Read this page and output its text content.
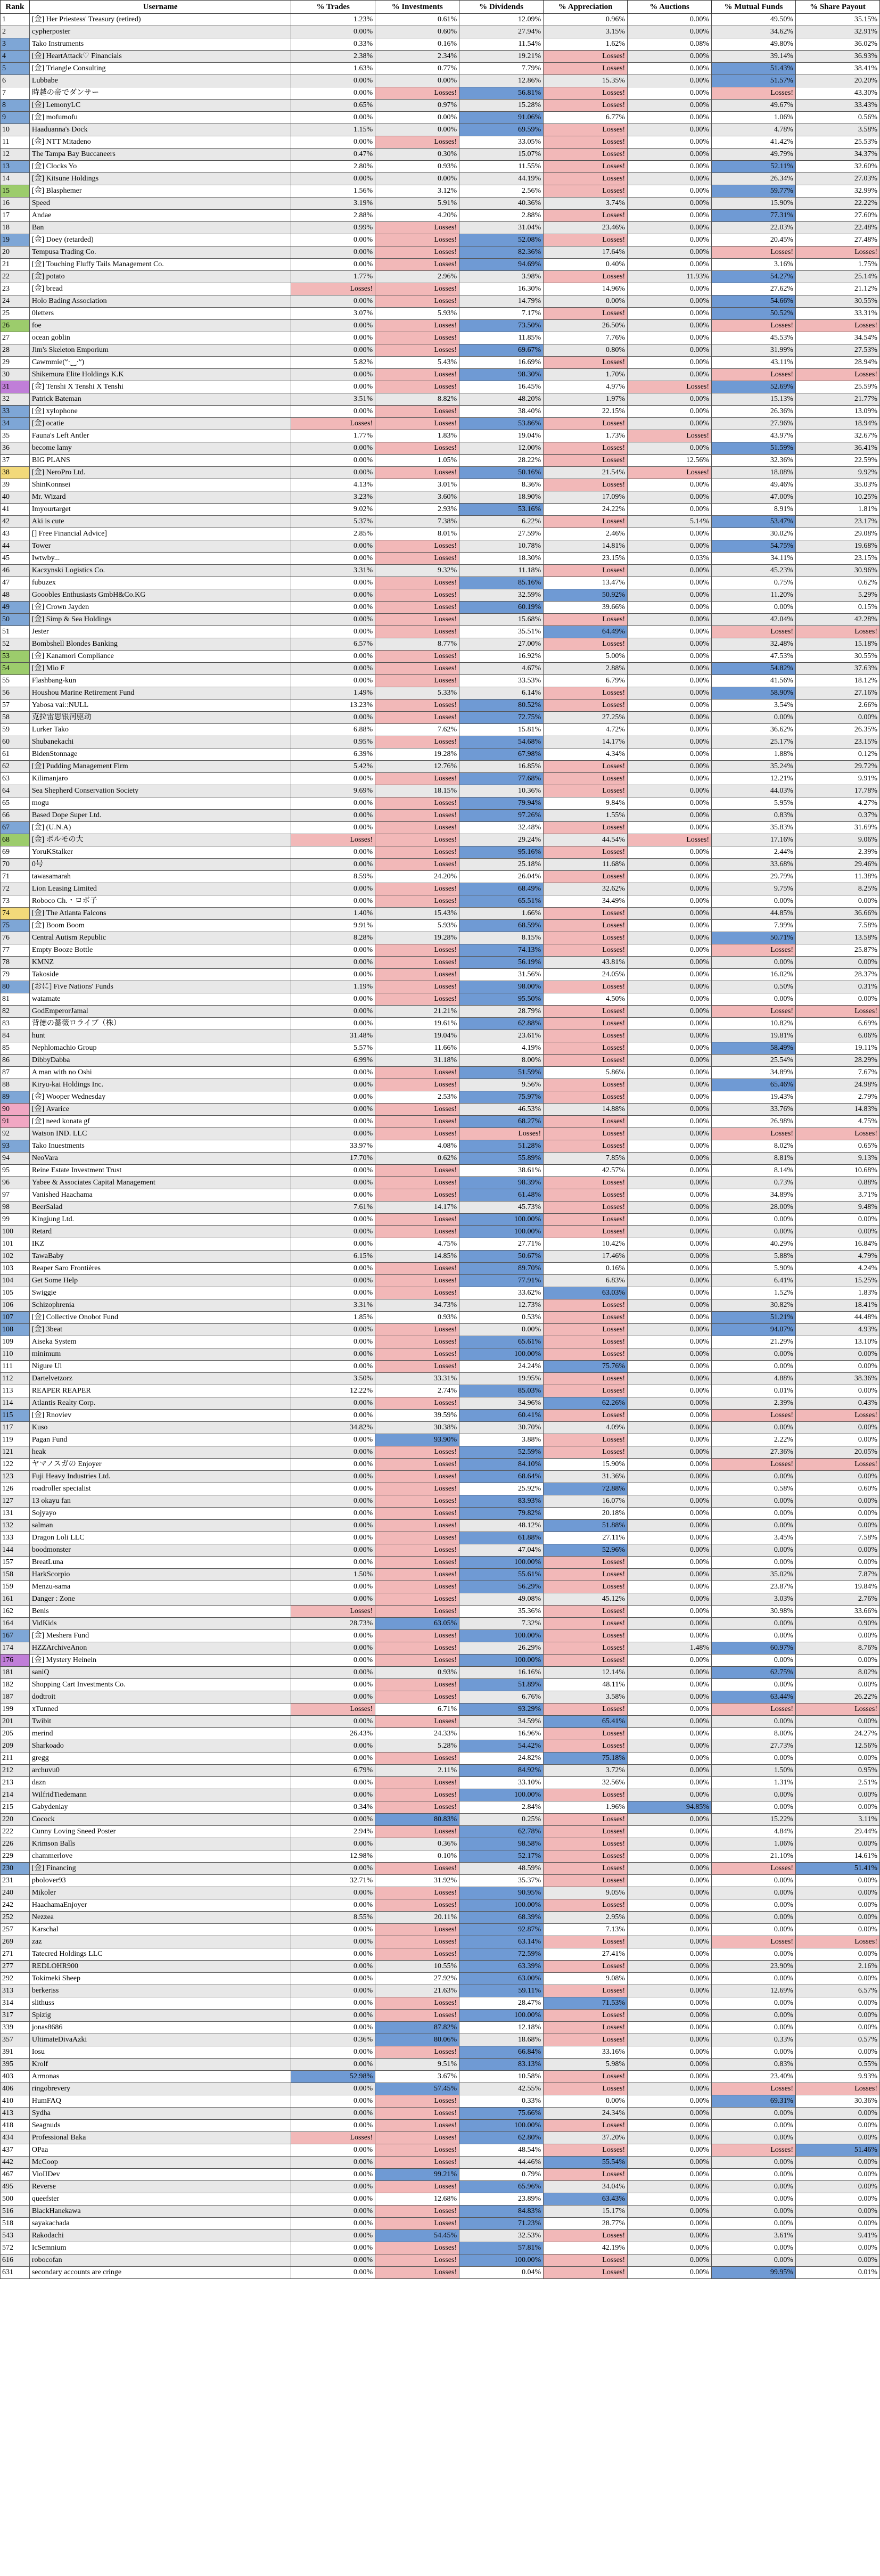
Rank	Username	% Trades	% Investments	% Dividends	% Appreciation	% Auctions	% Mutual Funds	% Share Payout
1	[金] Her Priestess' Treasury (retired)	1.23%	0.61%	12.09%	0.96%	0.00%	49.50%	35.15%
2	cypherposter	0.00%	0.60%	27.94%	3.15%	0.00%	34.62%	32.91%
3	Tako Instruments	0.33%	0.16%	11.54%	1.62%	0.08%	49.80%	36.02%
4	[金] HeartAttack♡ Financials	2.38%	2.34%	19.21%	Losses!	0.00%	39.14%	36.93%
5	[金] Triangle Consulting	1.63%	0.77%	7.79%	Losses!	0.00%	51.43%	38.41%
6	Lubbabe	0.00%	0.00%	12.86%	15.35%	0.00%	51.57%	20.20%
7	時越の帝でダンサー	0.00%	Losses!	56.81%	Losses!	0.00%	Losses!	43.30%
8	[金] LemonyLC	0.65%	0.97%	15.28%	Losses!	0.00%	49.67%	33.43%
9	[金] mofumofu	0.00%	0.00%	91.06%	6.77%	0.00%	1.06%	0.56%
10	Haaduanna's Dock	1.15%	0.00%	69.59%	Losses!	0.00%	4.78%	3.58%
11	[金] NTT Mitadeno	0.00%	Losses!	33.05%	Losses!	0.00%	41.42%	25.53%
12	The Tampa Bay Buccaneers	0.47%	0.30%	15.07%	Losses!	0.00%	49.79%	34.37%
13	[金] Clocks Yo	2.80%	0.93%	11.55%	Losses!	0.00%	52.11%	32.60%
14	[金] Kitsune Holdings	0.00%	0.00%	44.19%	Losses!	0.00%	26.34%	27.03%
15	[金] Blasphemer	1.56%	3.12%	2.56%	Losses!	0.00%	59.77%	32.99%
16	Speed	3.19%	5.91%	40.36%	3.74%	0.00%	15.90%	22.22%
17	Andae	2.88%	4.20%	2.88%	Losses!	0.00%	77.31%	27.60%
18	Ban	0.99%	Losses!	31.04%	23.46%	0.00%	22.03%	22.48%
19	[金] Doey (retarded)	0.00%	Losses!	52.08%	Losses!	0.00%	20.45%	27.48%
20	Tempusa Trading Co.	0.00%	Losses!	82.36%	17.64%	0.00%	Losses!	Losses!
21	[金] Touching Fluffy Tails Management Co.	0.00%	Losses!	94.69%	0.40%	0.00%	3.16%	1.75%
22	[金] potato	1.77%	2.96%	3.98%	Losses!	11.93%	54.27%	25.14%
23	[金] bread	Losses!	Losses!	16.30%	14.96%	0.00%	27.62%	21.12%
24	Holo Bading Association	0.00%	Losses!	14.79%	0.00%	0.00%	54.66%	30.55%
25	0letters	3.07%	5.93%	7.17%	Losses!	0.00%	50.52%	33.31%
26	foe	0.00%	Losses!	73.50%	26.50%	0.00%	Losses!	Losses!
27	ocean goblin	0.00%	Losses!	11.85%	7.76%	0.00%	45.53%	34.54%
28	Jim's Skeleton Emporium	0.00%	Losses!	69.67%	0.80%	0.00%	31.99%	27.53%
29	Cawmmie(ᐡ·‿·ᐡ)	5.82%	5.43%	16.69%	Losses!	0.00%	43.11%	28.94%
30	Shikemura Elite Holdings K.K	0.00%	Losses!	98.30%	1.70%	0.00%	Losses!	Losses!
31	[金] Tenshi X Tenshi X Tenshi	0.00%	Losses!	16.45%	4.97%	Losses!	52.69%	25.59%
32	Patrick Bateman	3.51%	8.82%	48.20%	1.97%	0.00%	15.13%	21.77%
33	[金] xylophone	0.00%	Losses!	38.40%	22.15%	0.00%	26.36%	13.09%
34	[金] ocatie	Losses!	Losses!	53.86%	Losses!	0.00%	27.96%	18.94%
35	Fauna's Left Antler	1.77%	1.83%	19.04%	1.73%	Losses!	43.97%	32.67%
36	become lamy	0.00%	Losses!	12.00%	Losses!	0.00%	51.59%	36.41%
37	BIG PLANS	0.00%	1.05%	28.22%	Losses!	12.56%	32.36%	22.59%
38	[金] NeroPro Ltd.	0.00%	Losses!	50.16%	21.54%	Losses!	18.08%	9.92%
39	ShinKonnsei	4.13%	3.01%	8.36%	Losses!	0.00%	49.46%	35.03%
40	Mr. Wizard	3.23%	3.60%	18.90%	17.09%	0.00%	47.00%	10.25%
41	Imyourtarget	9.02%	2.93%	53.16%	24.22%	0.00%	8.91%	1.81%
42	Aki is cute	5.37%	7.38%	6.22%	Losses!	5.14%	53.47%	23.17%
43	[] Free Financial Advice]	2.85%	8.01%	27.59%	2.46%	0.00%	30.02%	29.08%
44	Tower	0.00%	Losses!	10.78%	14.81%	0.00%	54.75%	19.68%
45	Iwtwby...	0.00%	Losses!	18.30%	23.15%	0.03%	34.11%	23.15%
46	Kaczynski Logistics Co.	3.31%	9.32%	11.18%	Losses!	0.00%	45.23%	30.96%
47	fubuzex	0.00%	Losses!	85.16%	13.47%	0.00%	0.75%	0.62%
48	Gooobles Enthusiasts GmbH&Co.KG	0.00%	Losses!	32.59%	50.92%	0.00%	11.20%	5.29%
49	[金] Crown Jayden	0.00%	Losses!	60.19%	39.66%	0.00%	0.00%	0.15%
50	[金] Simp & Sea Holdings	0.00%	Losses!	15.68%	Losses!	0.00%	42.04%	42.28%
51	Jester	0.00%	Losses!	35.51%	64.49%	0.00%	Losses!	Losses!
52	Bombshell Blondes Banking	6.57%	8.77%	27.00%	Losses!	0.00%	32.48%	15.18%
53	[金] Kanamori Compliance	0.00%	Losses!	16.92%	5.00%	0.00%	47.53%	30.55%
54	[金] Mio F	0.00%	Losses!	4.67%	2.88%	0.00%	54.82%	37.63%
55	Flashbang-kun	0.00%	Losses!	33.53%	6.79%	0.00%	41.56%	18.12%
56	Houshou Marine Retirement Fund	1.49%	5.33%	6.14%	Losses!	0.00%	58.90%	27.16%
57	Yabosa vai::NULL	13.23%	Losses!	80.52%	Losses!	0.00%	3.54%	2.66%
58	克拉雷思银河驱动	0.00%	Losses!	72.75%	27.25%	0.00%	0.00%	0.00%
59	Lurker Tako	6.88%	7.62%	15.81%	4.72%	0.00%	36.62%	26.35%
60	Shubanekachi	0.95%	Losses!	54.68%	14.17%	0.00%	25.17%	23.15%
61	BidenStonnage	6.39%	19.28%	67.98%	4.34%	0.00%	1.88%	0.12%
62	[金] Pudding Management Firm	5.42%	12.76%	16.85%	Losses!	0.00%	35.24%	29.72%
63	Kilimanjaro	0.00%	Losses!	77.68%	Losses!	0.00%	12.21%	9.91%
64	Sea Shepherd Conservation Society	9.69%	18.15%	10.36%	Losses!	0.00%	44.03%	17.78%
65	mogu	0.00%	Losses!	79.94%	9.84%	0.00%	5.95%	4.27%
66	Based Dope Super Ltd.	0.00%	Losses!	97.26%	1.55%	0.00%	0.83%	0.37%
67	[金] (U.N.A)	0.00%	Losses!	32.48%	Losses!	0.00%	35.83%	31.69%
68	[金] ボルモの大	Losses!	Losses!	29.24%	44.54%	Losses!	17.16%	9.06%
69	YoruKStalker	0.00%	Losses!	95.16%	Losses!	0.00%	2.44%	2.39%
70	0号	0.00%	Losses!	25.18%	11.68%	0.00%	33.68%	29.46%
71	tawasamarah	8.59%	24.20%	26.04%	Losses!	0.00%	29.79%	11.38%
72	Lion Leasing Limited	0.00%	Losses!	68.49%	32.62%	0.00%	9.75%	8.25%
73	Roboco Ch.・ロボ子	0.00%	Losses!	65.51%	34.49%	0.00%	0.00%	0.00%
74	[金] The Atlanta Falcons	1.40%	15.43%	1.66%	Losses!	0.00%	44.85%	36.66%
75	[金] Boom Boom	9.91%	5.93%	68.59%	Losses!	0.00%	7.99%	7.58%
76	Central Autism Republic	8.28%	19.28%	8.15%	Losses!	0.00%	50.71%	13.58%
77	Empty Booze Bottle	0.00%	Losses!	74.13%	Losses!	0.00%	Losses!	25.87%
78	KMNZ	0.00%	Losses!	56.19%	43.81%	0.00%	0.00%	0.00%
79	Takoside	0.00%	Losses!	31.56%	24.05%	0.00%	16.02%	28.37%
80	[おに] Five Nations' Funds	1.19%	Losses!	98.00%	Losses!	0.00%	0.50%	0.31%
81	watamate	0.00%	Losses!	95.50%	4.50%	0.00%	0.00%	0.00%
82	GodEmperorJamal	0.00%	21.21%	28.79%	Losses!	0.00%	Losses!	Losses!
83	背徳の薔薇ロライブ（株）	0.00%	19.61%	62.88%	Losses!	0.00%	10.82%	6.69%
84	hunt	31.48%	19.04%	23.61%	Losses!	0.00%	19.81%	6.06%
85	Nephlomachio Group	5.57%	11.66%	4.19%	Losses!	0.00%	58.49%	19.11%
86	DibbyDabba	6.99%	31.18%	8.00%	Losses!	0.00%	25.54%	28.29%
87	A man with no Oshi	0.00%	Losses!	51.59%	5.86%	0.00%	34.89%	7.67%
88	Kiryu-kai Holdings Inc.	0.00%	Losses!	9.56%	Losses!	0.00%	65.46%	24.98%
89	[金] Wooper Wednesday	0.00%	2.53%	75.97%	Losses!	0.00%	19.43%	2.79%
90	[金] Avarice	0.00%	Losses!	46.53%	14.88%	0.00%	33.76%	14.83%
91	[金] need konata gf	0.00%	Losses!	68.27%	Losses!	0.00%	26.98%	4.75%
92	Watson IND. LLC	0.00%	Losses!	Losses!	Losses!	0.00%	Losses!	Losses!
93	Tako Inuestments	33.97%	4.08%	51.28%	Losses!	0.00%	8.02%	0.65%
94	NeoVara	17.70%	0.62%	55.89%	7.85%	0.00%	8.81%	9.13%
95	Reine Estate Investment Trust	0.00%	Losses!	38.61%	42.57%	0.00%	8.14%	10.68%
96	Yabee & Associates Capital Management	0.00%	Losses!	98.39%	Losses!	0.00%	0.73%	0.88%
97	Vanished Haachama	0.00%	Losses!	61.48%	Losses!	0.00%	34.89%	3.71%
98	BeerSalad	7.61%	14.17%	45.73%	Losses!	0.00%	28.00%	9.48%
99	Kingjung Ltd.	0.00%	Losses!	100.00%	Losses!	0.00%	0.00%	0.00%
100	Retard	0.00%	Losses!	100.00%	Losses!	0.00%	0.00%	0.00%
101	IKZ	0.00%	4.75%	27.71%	10.42%	0.00%	40.29%	16.84%
102	TawaBaby	6.15%	14.85%	50.67%	17.46%	0.00%	5.88%	4.79%
103	Reaper Saro Frontières	0.00%	Losses!	89.70%	0.16%	0.00%	5.90%	4.24%
104	Get Some Help	0.00%	Losses!	77.91%	6.83%	0.00%	6.41%	15.25%
105	Swiggie	0.00%	Losses!	33.62%	63.03%	0.00%	1.52%	1.83%
106	Schizophrenia	3.31%	34.73%	12.73%	Losses!	0.00%	30.82%	18.41%
107	[金] Collective Onobot Fund	1.85%	0.93%	0.53%	Losses!	0.00%	51.21%	44.48%
108	[金] 3beat	0.00%	Losses!	0.00%	Losses!	0.00%	94.07%	4.93%
109	Aiseka System	0.00%	Losses!	65.61%	Losses!	0.00%	21.29%	13.10%
110	minimum	0.00%	Losses!	100.00%	Losses!	0.00%	0.00%	0.00%
111	Nigure Ui	0.00%	Losses!	24.24%	75.76%	0.00%	0.00%	0.00%
112	Dartelvetzorz	3.50%	33.31%	19.95%	Losses!	0.00%	4.88%	38.36%
113	REAPER REAPER	12.22%	2.74%	85.03%	Losses!	0.00%	0.01%	0.00%
114	Atlantis Realty Corp.	0.00%	Losses!	34.96%	62.26%	0.00%	2.39%	0.43%
115	[金] Rnoviev	0.00%	39.59%	60.41%	Losses!	0.00%	Losses!	Losses!
117	Kuso	34.82%	30.38%	30.70%	4.09%	0.00%	0.00%	0.00%
119	Pagan Fund	0.00%	93.90%	3.88%	Losses!	0.00%	2.22%	0.00%
121	heak	0.00%	Losses!	52.59%	Losses!	0.00%	27.36%	20.05%
122	ヤマノスガの Enjoyer	0.00%	Losses!	84.10%	15.90%	0.00%	Losses!	Losses!
123	Fuji Heavy Industries Ltd.	0.00%	Losses!	68.64%	31.36%	0.00%	0.00%	0.00%
126	roadroller specialist	0.00%	Losses!	25.92%	72.88%	0.00%	0.58%	0.60%
127	13 okayu fan	0.00%	Losses!	83.93%	16.07%	0.00%	0.00%	0.00%
131	Sojyayo	0.00%	Losses!	79.82%	20.18%	0.00%	0.00%	0.00%
132	salman	0.00%	Losses!	48.12%	51.88%	0.00%	0.00%	0.00%
133	Dragon Loli LLC	0.00%	Losses!	61.88%	27.11%	0.00%	3.45%	7.58%
144	boodmonster	0.00%	Losses!	47.04%	52.96%	0.00%	0.00%	0.00%
157	BreatLuna	0.00%	Losses!	100.00%	Losses!	0.00%	0.00%	0.00%
158	HarkScorpio	1.50%	Losses!	55.61%	Losses!	0.00%	35.02%	7.87%
159	Menzu-sama	0.00%	Losses!	56.29%	Losses!	0.00%	23.87%	19.84%
161	Danger : Zone	0.00%	Losses!	49.08%	45.12%	0.00%	3.03%	2.76%
162	Benis	Losses!	Losses!	35.36%	Losses!	0.00%	30.98%	33.66%
164	VidKids	28.73%	63.05%	7.32%	Losses!	0.00%	0.00%	0.90%
167	[金] Meshera Fund	0.00%	Losses!	100.00%	Losses!	0.00%	0.00%	0.00%
174	HZZArchiveAnon	0.00%	Losses!	26.29%	Losses!	1.48%	60.97%	8.76%
176	[金] Mystery Heinein	0.00%	Losses!	100.00%	Losses!	0.00%	0.00%	0.00%
181	saniQ	0.00%	0.93%	16.16%	12.14%	0.00%	62.75%	8.02%
182	Shopping Cart Investments Co.	0.00%	Losses!	51.89%	48.11%	0.00%	0.00%	0.00%
187	dodtroit	0.00%	Losses!	6.76%	3.58%	0.00%	63.44%	26.22%
199	xTunned	Losses!	6.71%	93.29%	Losses!	0.00%	Losses!	Losses!
201	Twibit	0.00%	Losses!	34.59%	65.41%	0.00%	0.00%	0.00%
205	merind	26.43%	24.33%	16.96%	Losses!	0.00%	8.00%	24.27%
209	Sharkoado	0.00%	5.28%	54.42%	Losses!	0.00%	27.73%	12.56%
211	gregg	0.00%	Losses!	24.82%	75.18%	0.00%	0.00%	0.00%
212	archuvu0	6.79%	2.11%	84.92%	3.72%	0.00%	1.50%	0.95%
213	dazn	0.00%	Losses!	33.10%	32.56%	0.00%	1.31%	2.51%
214	WilfridTiedemann	0.00%	Losses!	100.00%	Losses!	0.00%	0.00%	0.00%
215	Gabydeniay	0.34%	Losses!	2.84%	1.96%	94.85%	0.00%	0.00%
220	Cocock	0.00%	80.83%	0.25%	Losses!	0.00%	15.22%	3.11%
222	Cunny Loving Sneed Poster	2.94%	Losses!	62.78%	Losses!	0.00%	4.84%	29.44%
226	Krimson Balls	0.00%	0.36%	98.58%	Losses!	0.00%	1.06%	0.00%
229	chammerlove	12.98%	0.10%	52.17%	Losses!	0.00%	21.10%	14.61%
230	[金] Financing	0.00%	Losses!	48.59%	Losses!	0.00%	Losses!	51.41%
231	pbolover93	32.71%	31.92%	35.37%	Losses!	0.00%	0.00%	0.00%
240	Mikoler	0.00%	Losses!	90.95%	9.05%	0.00%	0.00%	0.00%
242	HaachamaEnjoyer	0.00%	Losses!	100.00%	Losses!	0.00%	0.00%	0.00%
252	Nezzea	8.55%	20.11%	68.39%	2.95%	0.00%	0.00%	0.00%
257	Karschal	0.00%	Losses!	92.87%	7.13%	0.00%	0.00%	0.00%
269	zaz	0.00%	Losses!	63.14%	Losses!	0.00%	Losses!	Losses!
271	Tatecred Holdings LLC	0.00%	Losses!	72.59%	27.41%	0.00%	0.00%	0.00%
277	REDLOHR900	0.00%	10.55%	63.39%	Losses!	0.00%	23.90%	2.16%
292	Tokimeki Sheep	0.00%	27.92%	63.00%	9.08%	0.00%	0.00%	0.00%
313	berkeriss	0.00%	21.63%	59.11%	Losses!	0.00%	12.69%	6.57%
314	slithuss	0.00%	Losses!	28.47%	71.53%	0.00%	0.00%	0.00%
317	Spizig	0.00%	Losses!	100.00%	Losses!	0.00%	0.00%	0.00%
339	jonas8686	0.00%	87.82%	12.18%	Losses!	0.00%	0.00%	0.00%
357	UltimateDivaAzki	0.36%	80.06%	18.68%	Losses!	0.00%	0.33%	0.57%
391	Iosu	0.00%	Losses!	66.84%	33.16%	0.00%	0.00%	0.00%
395	Krolf	0.00%	9.51%	83.13%	5.98%	0.00%	0.83%	0.55%
403	Armonas	52.98%	3.67%	10.58%	Losses!	0.00%	23.40%	9.93%
406	ringobrevery	0.00%	57.45%	42.55%	Losses!	0.00%	Losses!	Losses!
410	HumFAQ	0.00%	Losses!	0.33%	0.00%	0.00%	69.31%	30.36%
413	Sydha	0.00%	Losses!	75.66%	24.34%	0.00%	0.00%	0.00%
418	Seagnuds	0.00%	Losses!	100.00%	Losses!	0.00%	0.00%	0.00%
434	Professional Baka	Losses!	Losses!	62.80%	37.20%	0.00%	0.00%	0.00%
437	OPaa	0.00%	Losses!	48.54%	Losses!	0.00%	Losses!	51.46%
442	McCoop	0.00%	Losses!	44.46%	55.54%	0.00%	0.00%	0.00%
467	VioIIDev	0.00%	99.21%	0.79%	Losses!	0.00%	0.00%	0.00%
495	Reverse	0.00%	Losses!	65.96%	34.04%	0.00%	0.00%	0.00%
500	queefster	0.00%	12.68%	23.89%	63.43%	0.00%	0.00%	0.00%
516	BlackHanekawa	0.00%	Losses!	84.83%	15.17%	0.00%	0.00%	0.00%
518	sayakachada	0.00%	Losses!	71.23%	28.77%	0.00%	0.00%	0.00%
543	Rakodachi	0.00%	54.45%	32.53%	Losses!	0.00%	3.61%	9.41%
572	IcSemnium	0.00%	Losses!	57.81%	42.19%	0.00%	0.00%	0.00%
616	robocofan	0.00%	Losses!	100.00%	Losses!	0.00%	0.00%	0.00%
631	secondary accounts are cringe	0.00%	Losses!	0.04%	Losses!	0.00%	99.95%	0.01%
